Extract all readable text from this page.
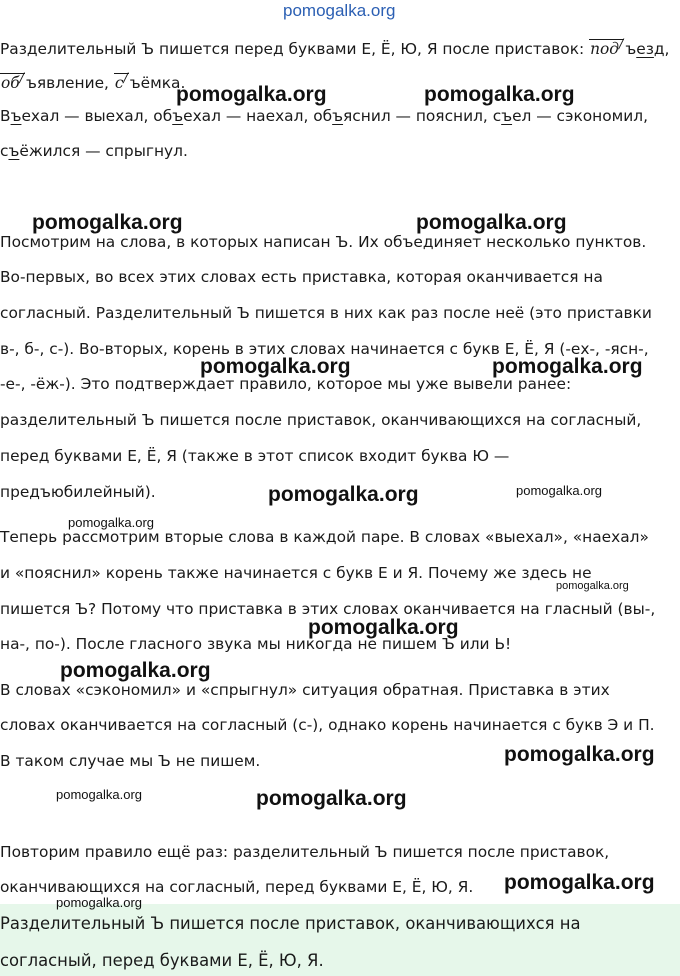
Разделительный Ъ пишется перед буквами Е, Ё, Ю, Я после приставок: под/ ъезд,
об/ ъявление, с/ ъёмка.
Въехал — выехал, объехал — наехал, объяснил — пояснил, съел — сэкономил,
съёжился — спрыгнул.
Посмотрим на слова, в которых написан Ъ. Их объединяет несколько пунктов.
Во-первых, во всех этих словах есть приставка, которая оканчивается на
согласный. Разделительный Ъ пишется в них как раз после неё (это приставки
в-, б-, с-). Во-вторых, корень в этих словах начинается с букв Е, Ё, Я (-ех-, -ясн-,
-е-, -ёж-). Это подтверждает правило, которое мы уже вывели ранее:
разделительный Ъ пишется после приставок, оканчивающихся на согласный,
перед буквами Е, Ё, Я (также в этот список входит буква Ю —
предъюбилейный).
Теперь рассмотрим вторые слова в каждой паре. В словах «выехал», «наехал»
и «пояснил» корень также начинается с букв Е и Я. Почему же здесь не
пишется Ъ? Потому что приставка в этих словах оканчивается на гласный (вы-,
на-, по-). После гласного звука мы никогда не пишем Ъ или Ь!
В словах «сэкономил» и «спрыгнул» ситуация обратная. Приставка в этих
словах оканчивается на согласный (с-), однако корень начинается с букв Э и П.
В таком случае мы Ъ не пишем.
Повторим правило ещё раз: разделительный Ъ пишется после приставок,
оканчивающихся на согласный, перед буквами Е, Ё, Ю, Я.
Разделительный Ъ пишется после приставок, оканчивающихся на
согласный, перед буквами Е, Ё, Ю, Я.
pomogalka.org
pomogalka.org	pomogalka.org
pomogalka.org	pomogalka.org
pomogalka.org	pomogalka.org
pomogalka.org	pomogalka.org
pomogalka.org
pomogalka.org
pomogalka.org
pomogalka.org
pomogalka.org
pomogalka.org	pomogalka.org
pomogalka.org
pomogalka.org
